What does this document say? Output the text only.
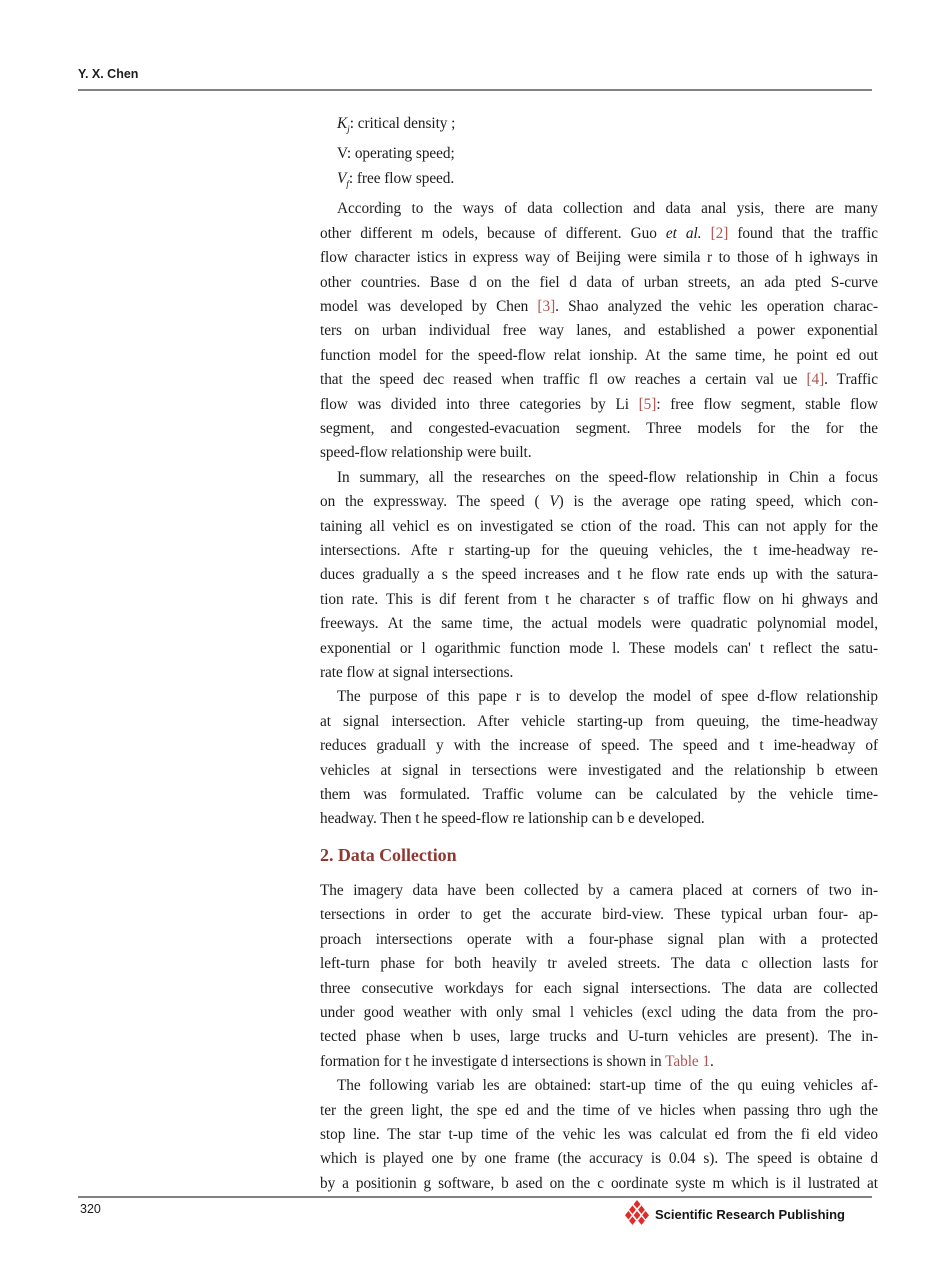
Y. X. Chen
$K_j$: critical density ;
V: operating speed;
$V_f$: free flow speed.
According to the ways of data collection and data anal ysis, there are many
other different m odels, because of different. Guo et al. [2] found that the traffic
flow character istics in express way of Beijing were simila r to those of h ighways in
other countries. Base d on the fiel d data of urban streets, an ada pted S-curve
model was developed by Chen [3]. Shao analyzed the vehic les operation charac-
ters on urban individual free way lanes, and established a power exponential
function model for the speed-flow relat ionship. At the same time, he point ed out
that the speed dec reased when traffic fl ow reaches a certain val ue [4]. Traffic
flow was divided into three categories by Li [5]: free flow segment, stable flow
segment, and congested-evacuation segment. Three models for the for the
speed-flow relationship were built.
In summary, all the researches on the speed-flow relationship in Chin a focus
on the expressway. The speed ( V) is the average ope rating speed, which con-
taining all vehicl es on investigated se ction of the road. This can not apply for the
intersections. Afte r starting-up for the queuing vehicles, the t ime-headway re-
duces gradually a s the speed increases and t he flow rate ends up with the satura-
tion rate. This is dif ferent from t he character s of traffic flow on hi ghways and
freeways. At the same time, the actual models were quadratic polynomial model,
exponential or l ogarithmic function mode l. These models can' t reflect the satu-
rate flow at signal intersections.
The purpose of this pape r is to develop the model of spee d-flow relationship
at signal intersection. After vehicle starting-up from queuing, the time-headway
reduces graduall y with the increase of speed. The speed and t ime-headway of
vehicles at signal in tersections were investigated and the relationship b etween
them was formulated. Traffic volume can be calculated by the vehicle time-
headway. Then t he speed-flow re lationship can b e developed.
2. Data Collection
The imagery data have been collected by a camera placed at corners of two in-
tersections in order to get the accurate bird-view. These typical urban four- ap-
proach intersections operate with a four-phase signal plan with a protected
left-turn phase for both heavily tr aveled streets. The data c ollection lasts for
three consecutive workdays for each signal intersections. The data are collected
under good weather with only smal l vehicles (excl uding the data from the pro-
tected phase when b uses, large trucks and U-turn vehicles are present). The in-
formation for t he investigate d intersections is shown in Table 1.
The following variab les are obtained: start-up time of the qu euing vehicles af-
ter the green light, the spe ed and the time of ve hicles when passing thro ugh the
stop line. The star t-up time of the vehic les was calculat ed from the fi eld video
which is played one by one frame (the accuracy is 0.04 s). The speed is obtaine d
by a positionin g software, b ased on the c oordinate syste m which is il lustrated at
320	Scientific Research Publishing
